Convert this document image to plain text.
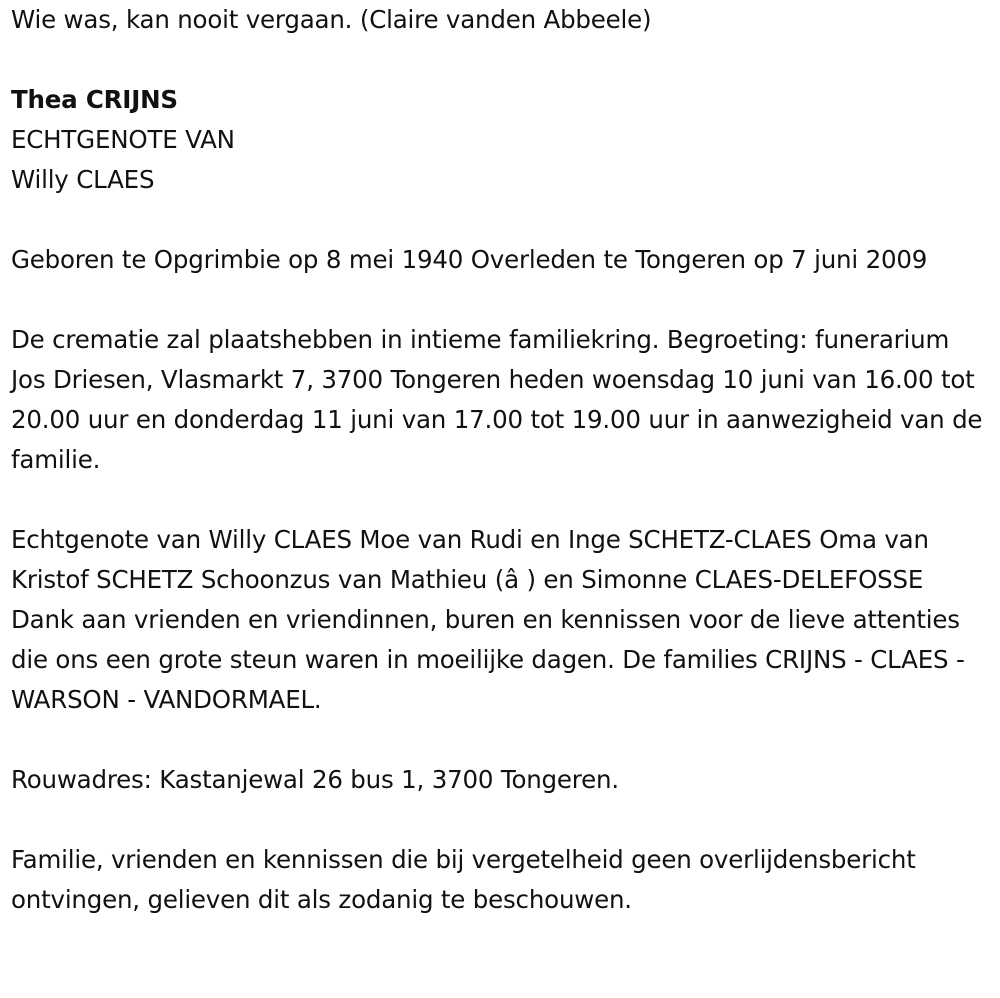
Wie was, kan nooit vergaan. (Claire vanden Abbeele)

Thea CRIJNS

ECHTGENOTE VAN

Willy CLAES

Geboren te Opgrimbie op 8 mei 1940 Overleden te Tongeren op 7 juni 2009

De crematie zal plaatshebben in intieme familiekring. Begroeting: funerarium Jos Driesen, Vlasmarkt 7, 3700 Tongeren heden woensdag 10 juni van 16.00 tot 20.00 uur en donderdag 11 juni van 17.00 tot 19.00 uur in aanwezigheid van de familie.

Echtgenote van Willy CLAES Moe van Rudi en Inge SCHETZ-CLAES Oma van Kristof SCHETZ Schoonzus van Mathieu (â ) en Simonne CLAES-DELEFOSSE Dank aan vrienden en vriendinnen, buren en kennissen voor de lieve attenties die ons een grote steun waren in moeilijke dagen. De families CRIJNS - CLAES - WARSON - VANDORMAEL.

Rouwadres: Kastanjewal 26 bus 1, 3700 Tongeren.

Familie, vrienden en kennissen die bij vergetelheid geen overlijdensbericht ontvingen, gelieven dit als zodanig te beschouwen.
